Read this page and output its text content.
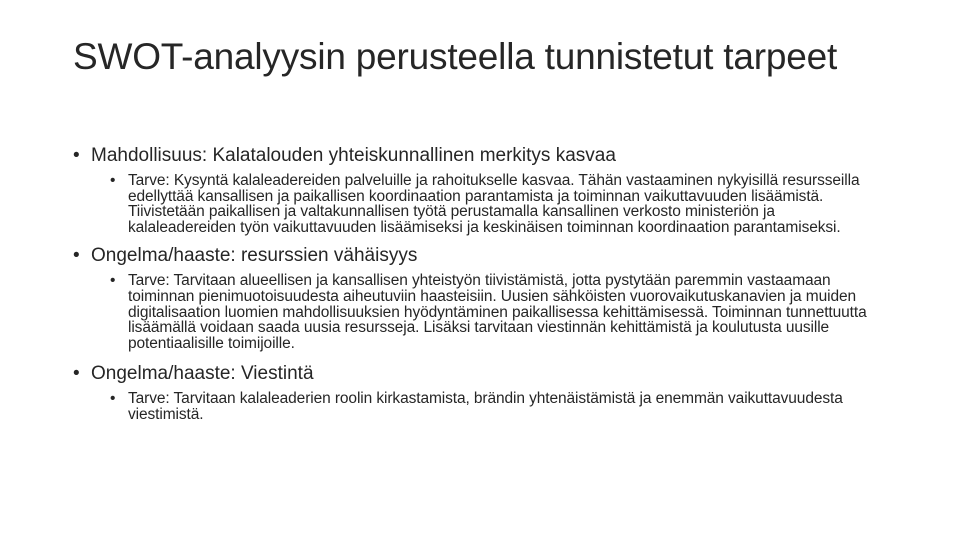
SWOT-analyysin perusteella tunnistetut tarpeet
• Mahdollisuus: Kalatalouden yhteiskunnallinen merkitys kasvaa
• Tarve: Kysyntä kalaleadereiden palveluille ja rahoitukselle kasvaa. Tähän vastaaminen nykyisillä resursseilla edellyttää kansallisen ja paikallisen koordinaation parantamista ja toiminnan vaikuttavuuden lisäämistä. Tiivistetään paikallisen ja valtakunnallisen työtä perustamalla kansallinen verkosto ministeriön ja kalaleadereiden työn vaikuttavuuden lisäämiseksi ja keskinäisen toiminnan koordinaation parantamiseksi.
• Ongelma/haaste: resurssien vähäisyys
• Tarve: Tarvitaan alueellisen ja kansallisen yhteistyön tiivistämistä, jotta pystytään paremmin vastaamaan toiminnan pienimuotoisuudesta aiheutuviin haasteisiin. Uusien sähköisten vuorovaikutuskanavien ja muiden digitalisaation luomien mahdollisuuksien hyödyntäminen paikallisessa kehittämisessä. Toiminnan tunnettuutta lisäämällä voidaan saada uusia resursseja. Lisäksi tarvitaan viestinnän kehittämistä ja koulutusta uusille potentiaalisille toimijoille.
• Ongelma/haaste: Viestintä
• Tarve: Tarvitaan kalaleaderien roolin kirkastamista, brändin yhtenäistämistä ja enemmän vaikuttavuudesta viestimistä.
